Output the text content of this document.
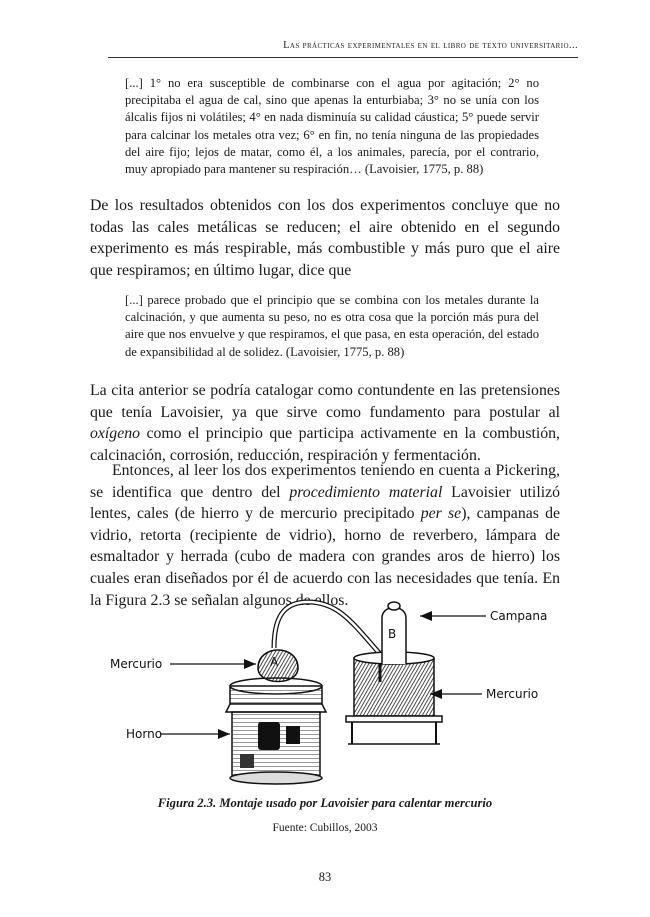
Las prácticas experimentales en el libro de texto universitario...
[...] 1° no era susceptible de combinarse con el agua por agitación; 2° no precipitaba el agua de cal, sino que apenas la enturbiaba; 3° no se unía con los álcalis fijos ni volátiles; 4° en nada disminuía su calidad cáustica; 5° puede servir para calcinar los metales otra vez; 6° en fin, no tenía ninguna de las propiedades del aire fijo; lejos de matar, como él, a los animales, parecía, por el contrario, muy apropiado para mantener su respiración… (Lavoisier, 1775, p. 88)
De los resultados obtenidos con los dos experimentos concluye que no todas las cales metálicas se reducen; el aire obtenido en el segundo experimento es más respirable, más combustible y más puro que el aire que respiramos; en último lugar, dice que
[...] parece probado que el principio que se combina con los metales durante la calcinación, y que aumenta su peso, no es otra cosa que la porción más pura del aire que nos envuelve y que respiramos, el que pasa, en esta operación, del estado de expansibilidad al de solidez. (Lavoisier, 1775, p. 88)
La cita anterior se podría catalogar como contundente en las pretensiones que tenía Lavoisier, ya que sirve como fundamento para postular al oxígeno como el principio que participa activamente en la combustión, calcinación, corrosión, reducción, respiración y fermentación.
Entonces, al leer los dos experimentos teniendo en cuenta a Pickering, se identifica que dentro del procedimiento material Lavoisier utilizó lentes, cales (de hierro y de mercurio precipitado per se), campanas de vidrio, retorta (recipiente de vidrio), horno de reverbero, lámpara de esmaltador y herrada (cubo de madera con grandes aros de hierro) los cuales eran diseñados por él de acuerdo con las necesidades que tenía. En la Figura 2.3 se señalan algunos de ellos.
A
B
Campana
Mercurio
Mercurio
Horno
Figura 2.3. Montaje usado por Lavoisier para calentar mercurio
Fuente: Cubillos, 2003
83
